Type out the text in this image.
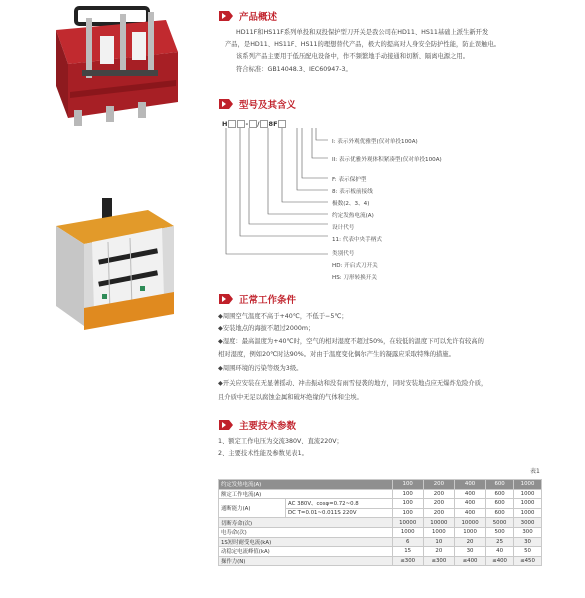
产品概述
HD11F和HS11F系列单投和双投保护型刀开关是我公司在HD11、HS11基础上派生新开发
产品，是HD11、HS11F、HS11的理想替代产品，极大的提高对人身安全防护性能，防止误触电。
该系列产品主要用于低压配电设备中，作不频繁地手动接通和切断、隔离电源之用。
符合标准：GB14048.3、IEC60947-3。
型号及其含义
H	- / 8F
I: 表示外观优雅型(仅对单投100A)
II: 表示优雅外观体积紧凑型(仅对单投100A)
F: 表示保护型
8: 表示板前接线
极数(2、3、4)
约定发热电流(A)
设计代号
11: 代表中央手柄式
类别代号
HD: 开启式刀开关
HS: 刀形转换开关
正常工作条件
◆周围空气温度不高于+40℃，不低于−5℃；
◆安装地点的海拔不超过2000m；
◆湿度：最高温度为+40℃时，空气的相对湿度不超过50%，在较低的温度下可以允许有较高的
相对湿度，例如20℃时达90%。对由于温度变化偶尔产生的凝露应采取特殊的措施。
◆周围环境的污染等级为3级。
◆开关应安装在无显著摇动、冲击振动和没有雨雪侵袭的地方，同时安装地点应无爆炸危险介质，
且介质中无足以腐蚀金属和破坏绝缘的气体和尘埃。
主要技术参数
1、额定工作电压为交流380V、直流220V；
2、主要技术性能及参数见表1。
表1
约定发热电流(A)		100	200	400	600	1000
额定工作电流(A)		100	200	400	600	1000
通断能力(A)	AC 380V、cosφ=0.72~0.8	100	200	400	600	1000
	DC T=0.01~0.011S 220V	100	200	400	600	1000
切断寿命(次)		10000	10000	10000	5000	3000
电寿命(次)		1000	1000	1000	500	300
1S短时耐受电流(kA)		6	10	20	25	30
动稳定电流峰值(kA)		15	20	30	40	50
操作力(N)		≤300	≤300	≤400	≤400	≤450
